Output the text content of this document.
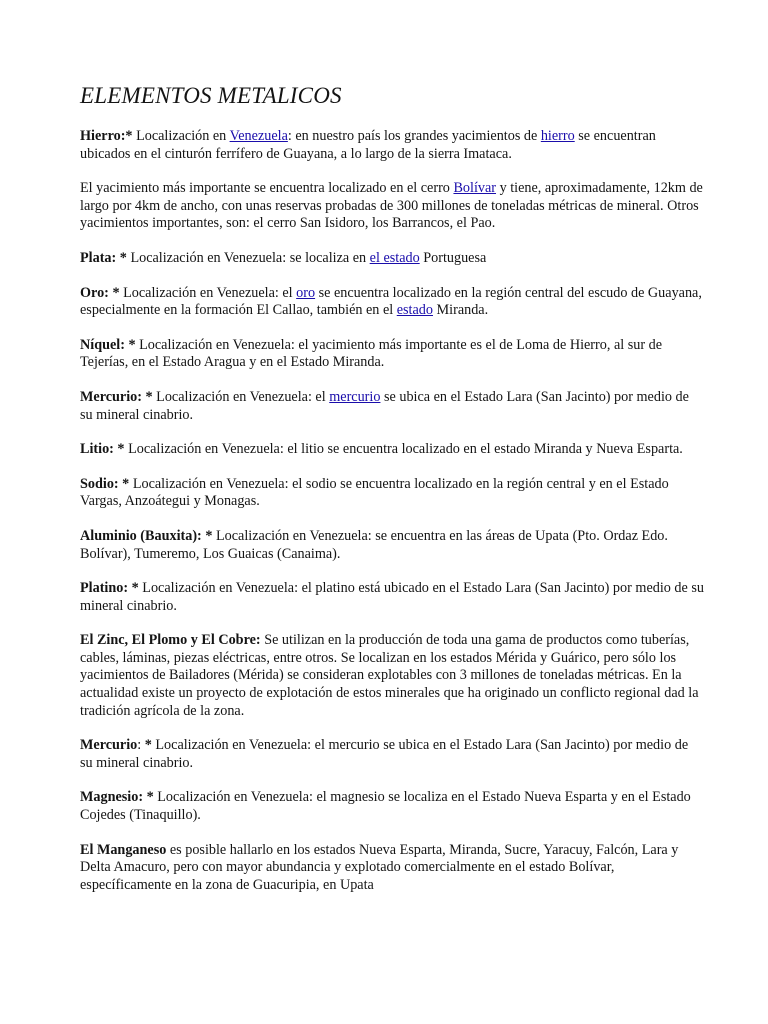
ELEMENTOS METALICOS

Hierro:* Localización en Venezuela: en nuestro país los grandes yacimientos de hierro se encuentran ubicados en el cinturón ferrífero de Guayana, a lo largo de la sierra Imataca.

El yacimiento más importante se encuentra localizado en el cerro Bolívar y tiene, aproximadamente, 12km de largo por 4km de ancho, con unas reservas probadas de 300 millones de toneladas métricas de mineral. Otros yacimientos importantes, son: el cerro San Isidoro, los Barrancos, el Pao.

Plata: * Localización en Venezuela: se localiza en el estado Portuguesa

Oro: * Localización en Venezuela: el oro se encuentra localizado en la región central del escudo de Guayana, especialmente en la formación El Callao, también en el estado Miranda.

Níquel: * Localización en Venezuela: el yacimiento más importante es el de Loma de Hierro, al sur de Tejerías, en el Estado Aragua y en el Estado Miranda.

Mercurio: * Localización en Venezuela: el mercurio se ubica en el Estado Lara (San Jacinto) por medio de su mineral cinabrio.

Litio: * Localización en Venezuela: el litio se encuentra localizado en el estado Miranda y Nueva Esparta.

Sodio: * Localización en Venezuela: el sodio se encuentra localizado en la región central y en el Estado Vargas, Anzoátegui y Monagas.

Aluminio (Bauxita): * Localización en Venezuela: se encuentra en las áreas de Upata (Pto. Ordaz Edo. Bolívar), Tumeremo, Los Guaicas (Canaima).

Platino: * Localización en Venezuela: el platino está ubicado en el Estado Lara (San Jacinto) por medio de su mineral cinabrio.

El Zinc, El Plomo y El Cobre: Se utilizan en la producción de toda una gama de productos como tuberías, cables, láminas, piezas eléctricas, entre otros. Se localizan en los estados Mérida y Guárico, pero sólo los yacimientos de Bailadores (Mérida) se consideran explotables con 3 millones de toneladas métricas. En la actualidad existe un proyecto de explotación de estos minerales que ha originado un conflicto regional dad la tradición agrícola de la zona.

Mercurio: * Localización en Venezuela: el mercurio se ubica en el Estado Lara (San Jacinto) por medio de su mineral cinabrio.

Magnesio: * Localización en Venezuela: el magnesio se localiza en el Estado Nueva Esparta y en el Estado Cojedes (Tinaquillo).

El Manganeso es posible hallarlo en los estados Nueva Esparta, Miranda, Sucre, Yaracuy, Falcón, Lara y Delta Amacuro, pero con mayor abundancia y explotado comercialmente en el estado Bolívar, específicamente en la zona de Guacuripia, en Upata
